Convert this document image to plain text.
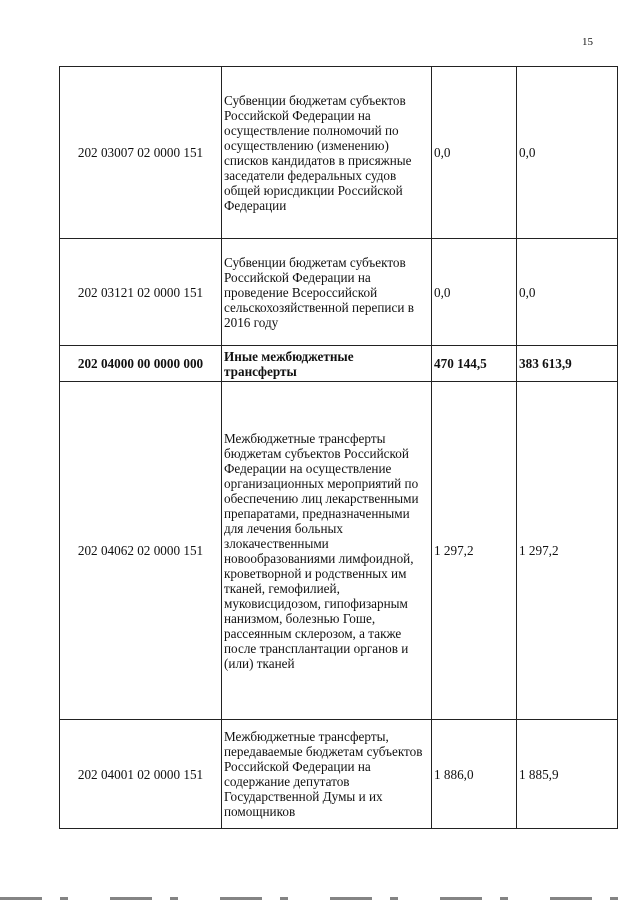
15
202 03007 02 0000 151	Субвенции бюджетам субъектов Российской Федерации на осуществление полномочий по осуществлению (изменению) списков кандидатов в присяжные заседатели федеральных судов общей юрисдикции Российской Федерации	0,0	0,0
202 03121 02 0000 151	Субвенции бюджетам субъектов Российской Федерации на проведение Всероссийской сельскохозяйственной переписи в 2016 году	0,0	0,0
202 04000 00 0000 000	Иные межбюджетные трансферты	470 144,5	383 613,9
202 04062 02 0000 151	Межбюджетные трансферты бюджетам субъектов Российской Федерации на осуществление организационных мероприятий по обеспечению лиц лекарственными препаратами, предназначенными для лечения больных злокачественными новообразованиями лимфоидной, кроветворной и родственных им тканей, гемофилией, муковисцидозом, гипофизарным нанизмом, болезнью Гоше, рассеянным склерозом, а также после трансплантации органов и (или) тканей	1 297,2	1 297,2
202 04001 02 0000 151	Межбюджетные трансферты, передаваемые бюджетам субъектов Российской Федерации на содержание депутатов Государственной Думы и их помощников	1 886,0	1 885,9
